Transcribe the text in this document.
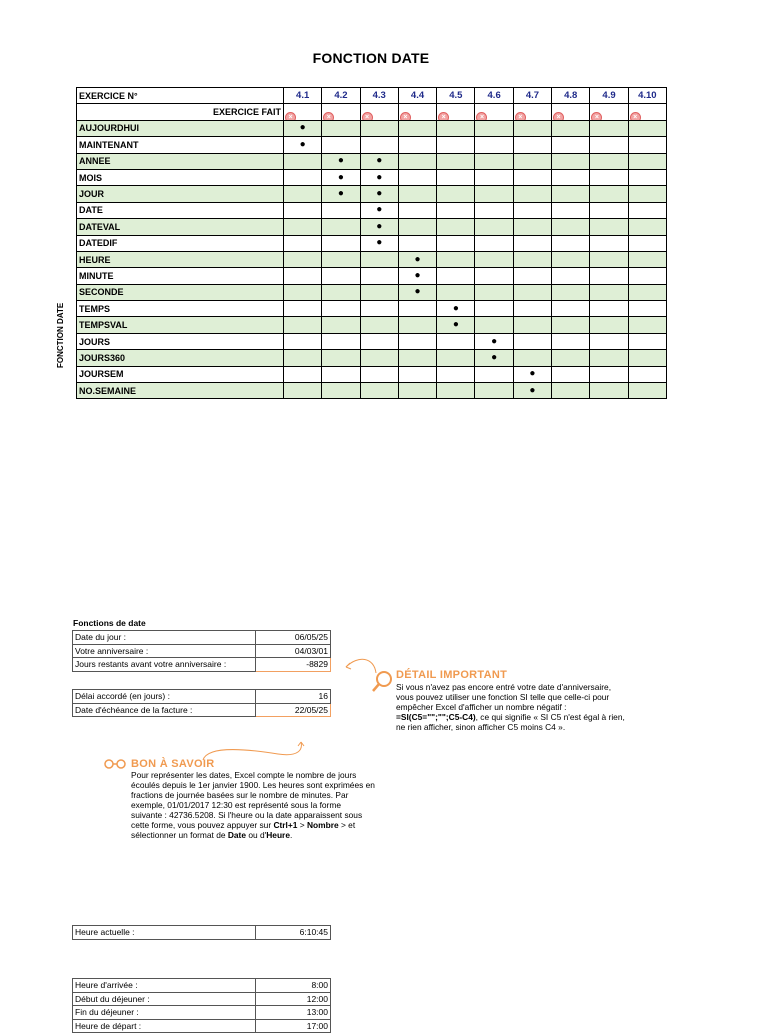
FONCTION DATE
FONCTION DATE
EXERCICE N°	4.1	4.2	4.3	4.4	4.5	4.6	4.7	4.8	4.9	4.10
EXERCICE FAIT	×	×	×	×	×	×	×	×	×	×
AUJOURDHUI	●									
MAINTENANT	●									
ANNEE		●	●							
MOIS		●	●							
JOUR		●	●							
DATE			●							
DATEVAL			●							
DATEDIF			●							
HEURE				●						
MINUTE				●						
SECONDE				●						
TEMPS					●					
TEMPSVAL					●					
JOURS						●				
JOURS360						●				
JOURSEM							●			
NO.SEMAINE							●			
Fonctions de date
Date du jour :	06/05/25
Votre anniversaire :	04/03/01
Jours restants avant votre anniversaire :	-8829
Délai accordé (en jours) :	16
Date d'échéance de la facture :	22/05/25
DÉTAIL IMPORTANT
Si vous n'avez pas encore entré votre date d'anniversaire,
vous pouvez utiliser une fonction SI telle que celle-ci pour
empêcher Excel d'afficher un nombre négatif :
=SI(C5="";"";C5-C4), ce qui signifie « SI C5 n'est égal à rien,
ne rien afficher, sinon afficher C5 moins C4 ».
BON À SAVOIR
Pour représenter les dates, Excel compte le nombre de jours
écoulés depuis le 1er janvier 1900. Les heures sont exprimées en
fractions de journée basées sur le nombre de minutes. Par
exemple, 01/01/2017 12:30 est représenté sous la forme
suivante : 42736.5208. Si l'heure ou la date apparaissent sous
cette forme, vous pouvez appuyer sur Ctrl+1 > Nombre > et
sélectionner un format de Date ou d'Heure.
Heure actuelle :	6:10:45
Heure d'arrivée :	8:00
Début du déjeuner :	12:00
Fin du déjeuner :	13:00
Heure de départ :	17:00
